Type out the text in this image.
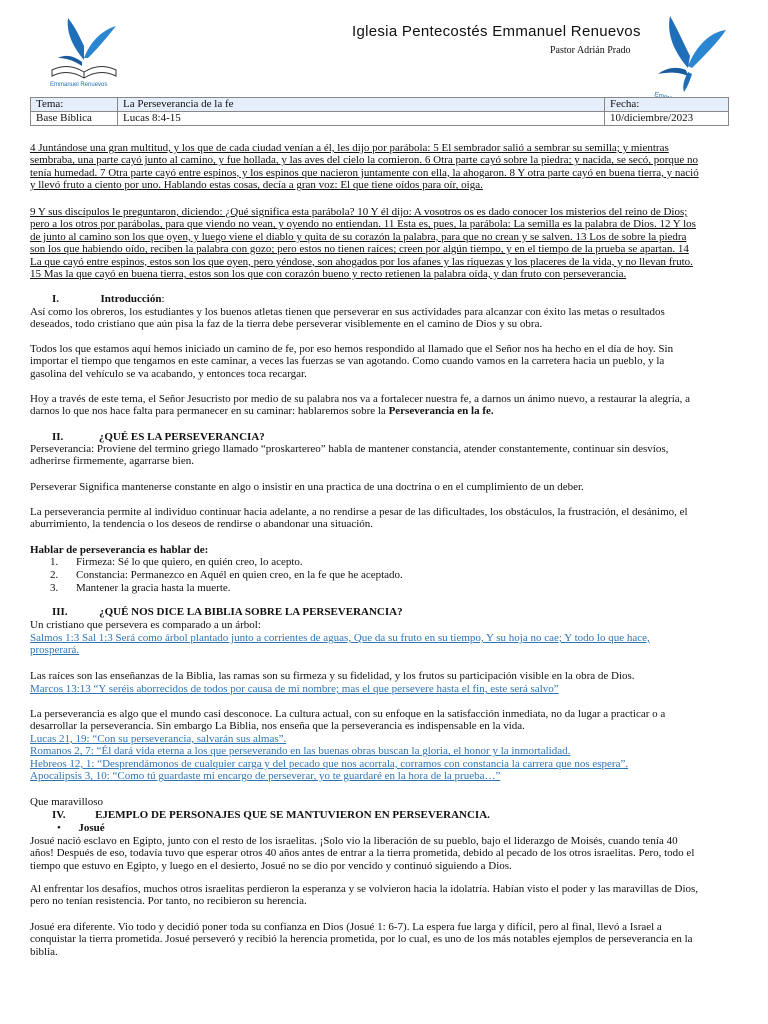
Emmanuel Renuevos
Iglesia Pentecostés Emmanuel Renuevos
Pastor Adrián Prado
Tema:	La Perseverancia de la fe	Fecha:
Base Bíblica	Lucas 8:4-15	10/diciembre/2023
4 Juntándose una gran multitud, y los que de cada ciudad venían a él, les dijo por parábola: 5 El sembrador salió a sembrar su semilla; y mientras
sembraba, una parte cayó junto al camino, y fue hollada, y las aves del cielo la comieron. 6 Otra parte cayó sobre la piedra; y nacida, se secó, porque no
tenía humedad. 7 Otra parte cayó entre espinos, y los espinos que nacieron juntamente con ella, la ahogaron. 8 Y otra parte cayó en buena tierra, y nació
y llevó fruto a ciento por uno. Hablando estas cosas, decía a gran voz: El que tiene oídos para oír, oiga.
9 Y sus discípulos le preguntaron, diciendo: ¿Qué significa esta parábola? 10 Y él dijo: A vosotros os es dado conocer los misterios del reino de Dios;
pero a los otros por parábolas, para que viendo no vean, y oyendo no entiendan. 11 Esta es, pues, la parábola: La semilla es la palabra de Dios. 12 Y los
de junto al camino son los que oyen, y luego viene el diablo y quita de su corazón la palabra, para que no crean y se salven. 13 Los de sobre la piedra
son los que habiendo oído, reciben la palabra con gozo; pero estos no tienen raíces; creen por algún tiempo, y en el tiempo de la prueba se apartan. 14
La que cayó entre espinos, estos son los que oyen, pero yéndose, son ahogados por los afanes y las riquezas y los placeres de la vida, y no llevan fruto.
15 Mas la que cayó en buena tierra, estos son los que con corazón bueno y recto retienen la palabra oída, y dan fruto con perseverancia.
I.	Introducción:
Así como los obreros, los estudiantes y los buenos atletas tienen que perseverar en sus actividades para alcanzar con éxito las metas o resultados
deseados, todo cristiano que aún pisa la faz de la tierra debe perseverar visiblemente en el camino de Dios y su obra.
Todos los que estamos aquí hemos iniciado un camino de fe, por eso hemos respondido al llamado que el Señor nos ha hecho en el día de hoy. Sin
importar el tiempo que tengamos en este caminar, a veces las fuerzas se van agotando. Como cuando vamos en la carretera hacia un pueblo, y la
gasolina del vehículo se va acabando, y entonces toca recargar.
Hoy a través de este tema, el Señor Jesucristo por medio de su palabra nos va a fortalecer nuestra fe, a darnos un ánimo nuevo, a restaurar la alegría, a
darnos lo que nos hace falta para permanecer en su caminar: hablaremos sobre la Perseverancia en la fe.
II.	¿QUÉ ES LA PERSEVERANCIA?
Perseverancia: Proviene del termino griego llamado “proskartereo” habla de mantener constancia, atender constantemente, continuar sin desvíos,
adherirse firmemente, agarrarse bien.
Perseverar Significa mantenerse constante en algo o insistir en una practica de una doctrina o en el cumplimiento de un deber.
La perseverancia permite al individuo continuar hacia adelante, a no rendirse a pesar de las dificultades, los obstáculos, la frustración, el desánimo, el
aburrimiento, la tendencia o los deseos de rendirse o abandonar una situación.
Hablar de perseverancia es hablar de:
1. Firmeza: Sé lo que quiero, en quién creo, lo acepto.
2. Constancia: Permanezco en Aquél en quien creo, en la fe que he aceptado.
3. Mantener la gracia hasta la muerte.
III.	¿QUÉ NOS DICE LA BIBLIA SOBRE LA PERSEVERANCIA?
Un cristiano que persevera es comparado a un árbol:
Salmos 1:3 Sal 1:3 Será como árbol plantado junto a corrientes de aguas, Que da su fruto en su tiempo, Y su hoja no cae; Y todo lo que hace,
prosperará.
Las raíces son las enseñanzas de la Biblia, las ramas son su firmeza y su fidelidad, y los frutos su participación visible en la obra de Dios.
Marcos 13:13 “Y seréis aborrecidos de todos por causa de mi nombre; mas el que persevere hasta el fin, este será salvo”
La perseverancia es algo que el mundo casi desconoce. La cultura actual, con su enfoque en la satisfacción inmediata, no da lugar a practicar o a
desarrollar la perseverancia. Sin embargo La Biblia, nos enseña que la perseverancia es indispensable en la vida.
Lucas 21, 19: “Con su perseverancia, salvarán sus almas”.
Romanos 2, 7: “Él dará vida eterna a los que perseverando en las buenas obras buscan la gloria, el honor y la inmortalidad.
Hebreos 12, 1: “Desprendámonos de cualquier carga y del pecado que nos acorrala, corramos con constancia la carrera que nos espera”.
Apocalipsis 3, 10: “Como tú guardaste mi encargo de perseverar, yo te guardaré en la hora de la prueba…”
Que maravilloso
IV.	EJEMPLO DE PERSONAJES QUE SE MANTUVIERON EN PERSEVERANCIA.
• Josué
Josué nació esclavo en Egipto, junto con el resto de los israelitas. ¡Solo vio la liberación de su pueblo, bajo el liderazgo de Moisés, cuando tenía 40
años! Después de eso, todavía tuvo que esperar otros 40 años antes de entrar a la tierra prometida, debido al pecado de los otros israelitas. Pero, todo el
tiempo que estuvo en Egipto, y luego en el desierto, Josué no se dio por vencido y continuó siguiendo a Dios.
Al enfrentar los desafíos, muchos otros israelitas perdieron la esperanza y se volvieron hacia la idolatría. Habían visto el poder y las maravillas de Dios,
pero no tenían resistencia. Por tanto, no recibieron su herencia.
Josué era diferente. Vio todo y decidió poner toda su confianza en Dios (Josué 1: 6-7). La espera fue larga y difícil, pero al final, llevó a Israel a
conquistar la tierra prometida. Josué perseveró y recibió la herencia prometida, por lo cual, es uno de los más notables ejemplos de perseverancia en la
biblia.
